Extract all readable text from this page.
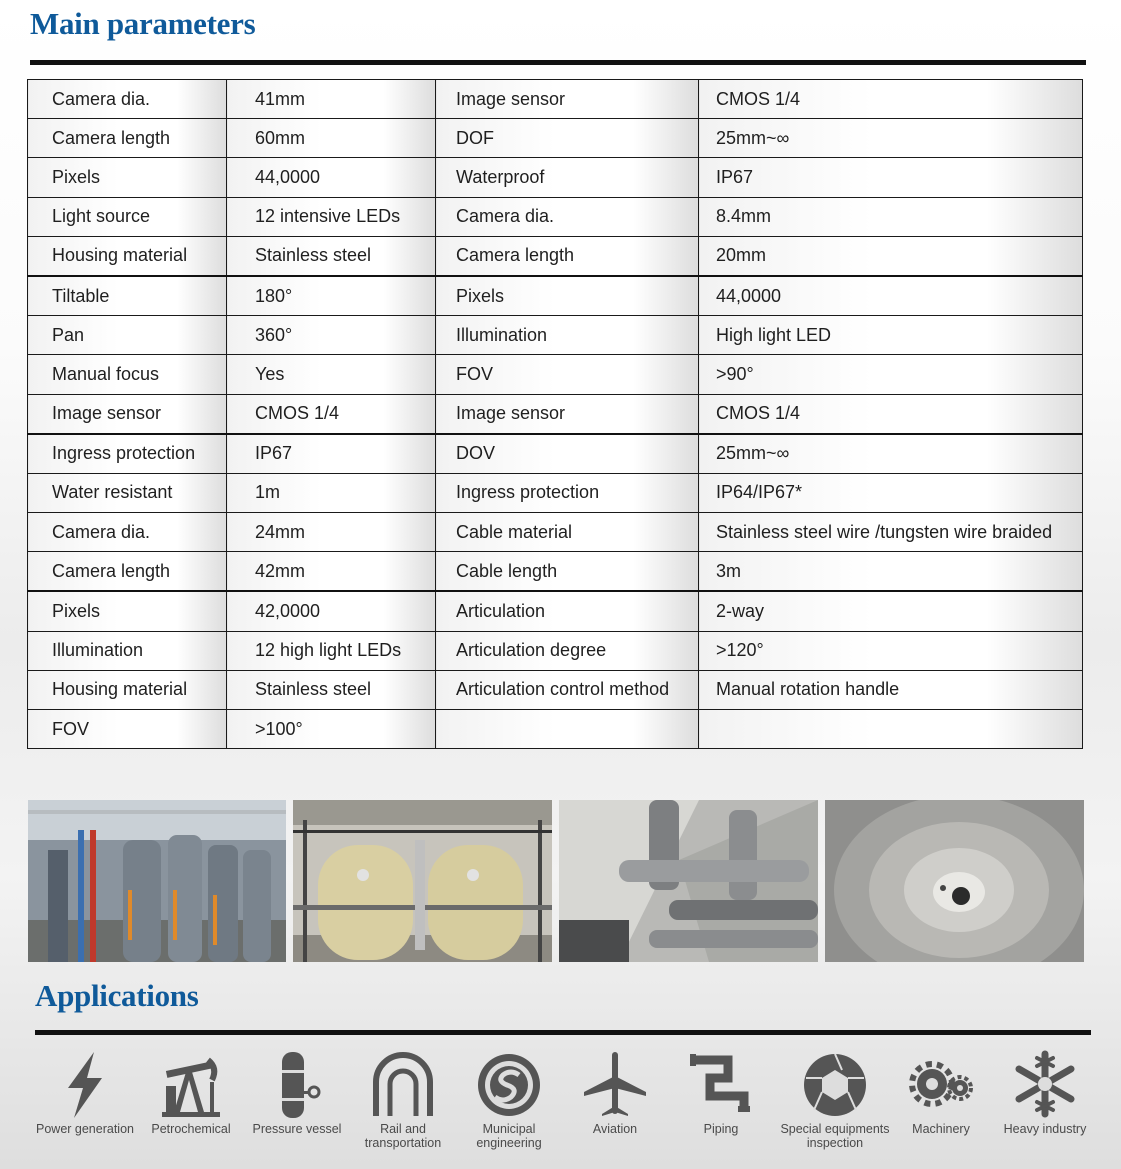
Main parameters
Camera dia.	41mm	Image sensor	CMOS 1/4
Camera length	60mm	DOF	25mm~∞
Pixels	44,0000	Waterproof	IP67
Light source	12 intensive LEDs	Camera dia.	8.4mm
Housing material	Stainless steel	Camera length	20mm
Tiltable	180°	Pixels	44,0000
Pan	360°	Illumination	High light LED
Manual focus	Yes	FOV	>90°
Image sensor	CMOS 1/4	Image sensor	CMOS 1/4
Ingress protection	IP67	DOV	25mm~∞
Water resistant	1m	Ingress protection	IP64/IP67*
Camera dia.	24mm	Cable material	Stainless steel wire /tungsten wire braided
Camera length	42mm	Cable length	3m
Pixels	42,0000	Articulation	2-way
Illumination	12 high light LEDs	Articulation degree	>120°
Housing material	Stainless steel	Articulation control method	Manual rotation handle
FOV	>100°		
Applications
Power generation	Petrochemical	Pressure vessel	Rail and
transportation
Municipal
engineering
Aviation	Piping	Special equipments
inspection
Machinery	Heavy industry
